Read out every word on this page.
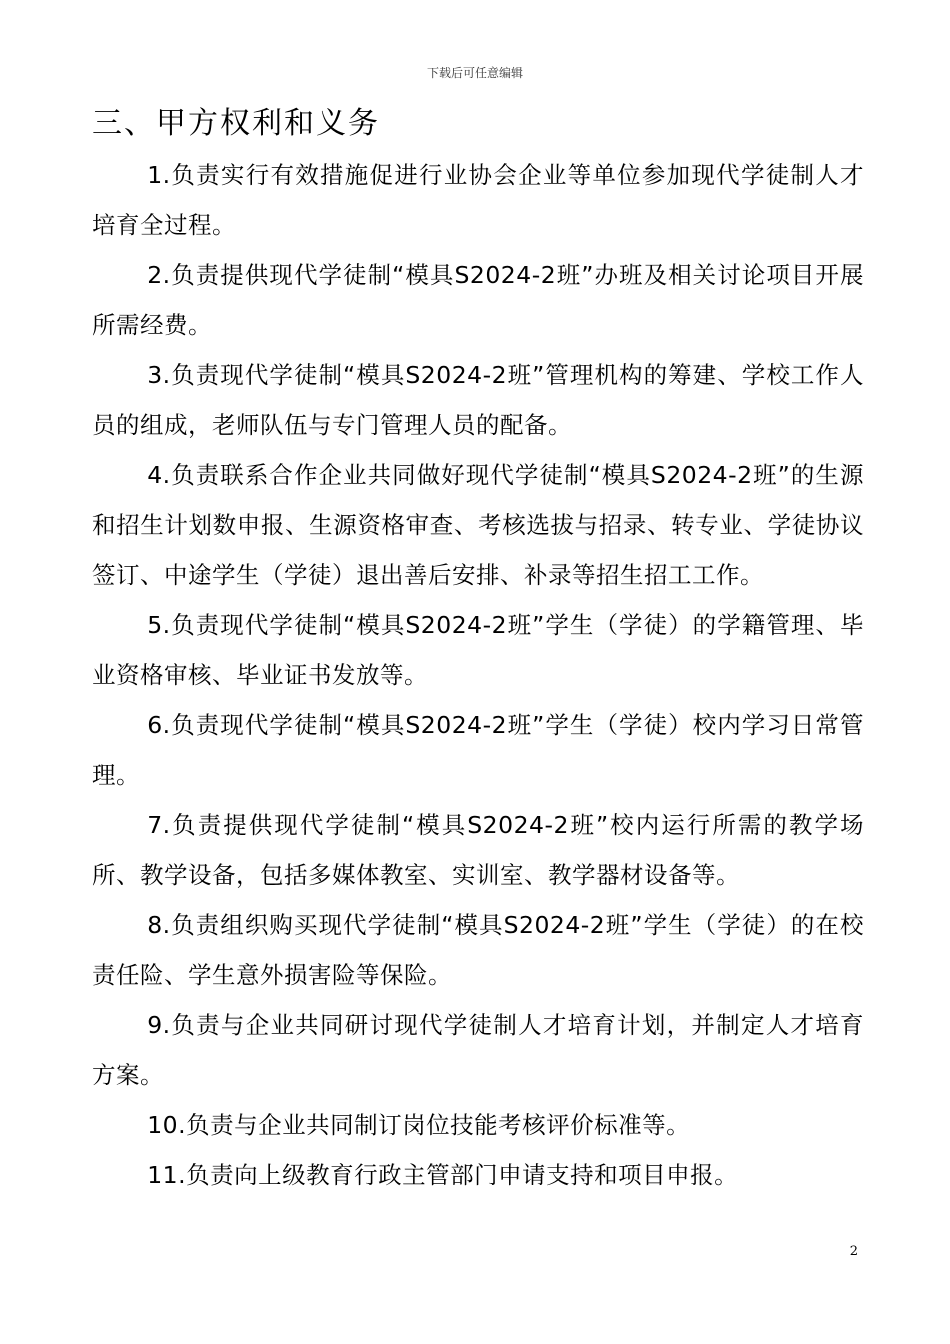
下载后可任意编辑
三、甲方权利和义务

1.负责实行有效措施促进行业协会企业等单位参加现代学徒制人才培育全过程。

2.负责提供现代学徒制“模具S2024-2班”办班及相关讨论项目开展所需经费。

3.负责现代学徒制“模具S2024-2班”管理机构的筹建、学校工作人员的组成，老师队伍与专门管理人员的配备。

4.负责联系合作企业共同做好现代学徒制“模具S2024-2班”的生源和招生计划数申报、生源资格审查、考核选拔与招录、转专业、学徒协议签订、中途学生（学徒）退出善后安排、补录等招生招工工作。

5.负责现代学徒制“模具S2024-2班”学生（学徒）的学籍管理、毕业资格审核、毕业证书发放等。

6.负责现代学徒制“模具S2024-2班”学生（学徒）校内学习日常管理。

7.负责提供现代学徒制“模具S2024-2班”校内运行所需的教学场所、教学设备，包括多媒体教室、实训室、教学器材设备等。

8.负责组织购买现代学徒制“模具S2024-2班”学生（学徒）的在校责任险、学生意外损害险等保险。

9.负责与企业共同研讨现代学徒制人才培育计划，并制定人才培育方案。

10.负责与企业共同制订岗位技能考核评价标准等。

11.负责向上级教育行政主管部门申请支持和项目申报。

2
